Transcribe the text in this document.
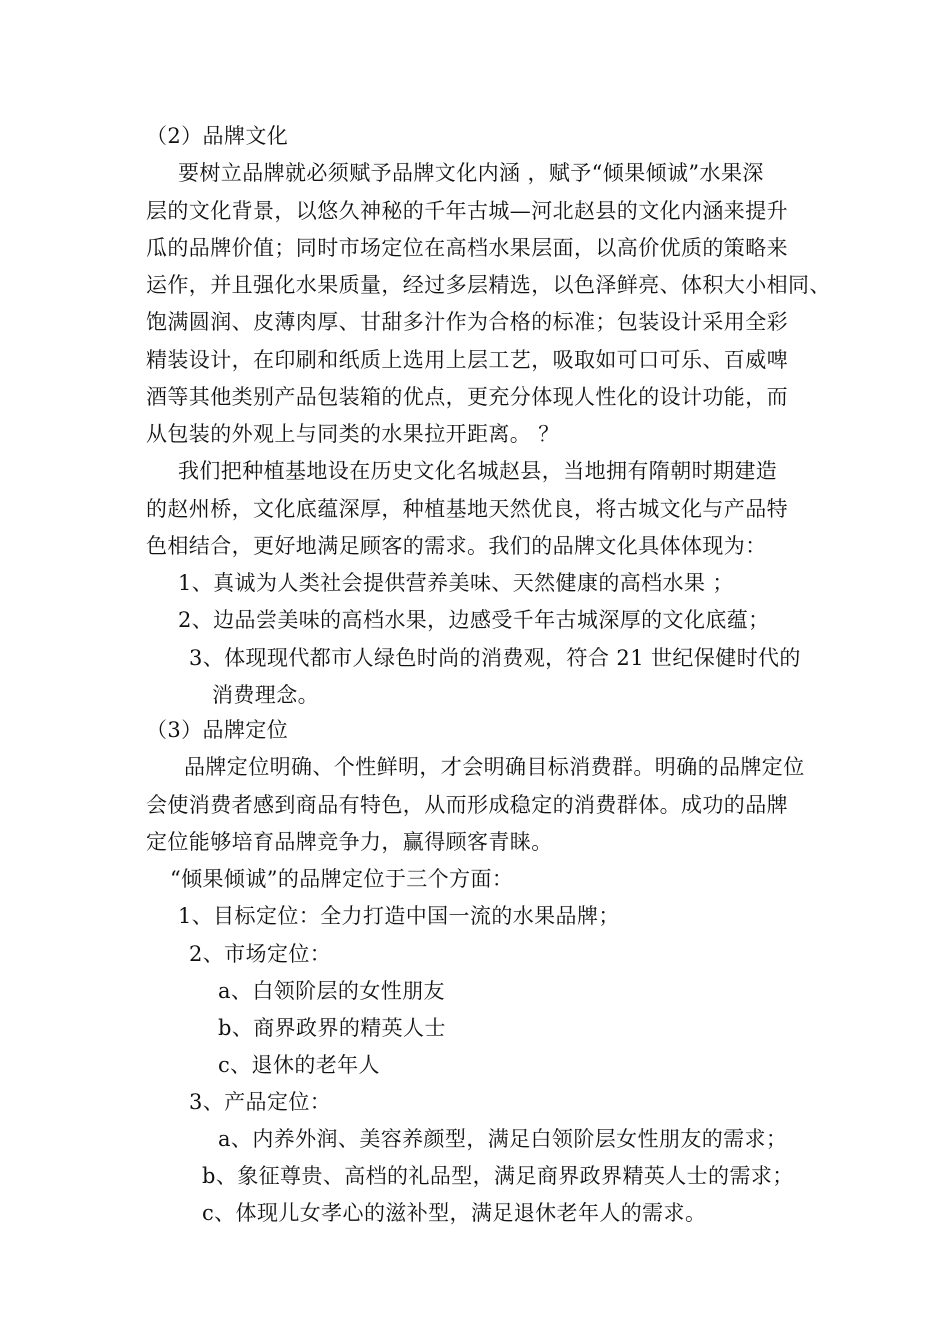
（2）品牌文化
要树立品牌就必须赋予品牌文化内涵 ，赋予“倾果倾诚”水果深
层的文化背景，以悠久神秘的千年古城—河北赵县的文化内涵来提升
瓜的品牌价值；同时市场定位在高档水果层面，以高价优质的策略来
运作，并且强化水果质量，经过多层精选，以色泽鲜亮、体积大小相同、
饱满圆润、皮薄肉厚、甘甜多汁作为合格的标准；包装设计采用全彩
精装设计，在印刷和纸质上选用上层工艺，吸取如可口可乐、百威啤
酒等其他类别产品包装箱的优点，更充分体现人性化的设计功能，而
从包装的外观上与同类的水果拉开距离。 ？
我们把种植基地设在历史文化名城赵县，当地拥有隋朝时期建造
的赵州桥，文化底蕴深厚，种植基地天然优良，将古城文化与产品特
色相结合，更好地满足顾客的需求。我们的品牌文化具体体现为：
1、真诚为人类社会提供营养美味、天然健康的高档水果 ；
2、边品尝美味的高档水果，边感受千年古城深厚的文化底蕴；
3、体现现代都市人绿色时尚的消费观，符合 21 世纪保健时代的
消费理念。
（3）品牌定位
品牌定位明确、个性鲜明，才会明确目标消费群。明确的品牌定位
会使消费者感到商品有特色，从而形成稳定的消费群体。成功的品牌
定位能够培育品牌竞争力，赢得顾客青睐。
“倾果倾诚”的品牌定位于三个方面：
1、目标定位：全力打造中国一流的水果品牌；
2、市场定位：
a、白领阶层的女性朋友
b、商界政界的精英人士
c、退休的老年人
3、产品定位：
a、内养外润、美容养颜型，满足白领阶层女性朋友的需求；
b、象征尊贵、高档的礼品型，满足商界政界精英人士的需求；
c、体现儿女孝心的滋补型，满足退休老年人的需求。
